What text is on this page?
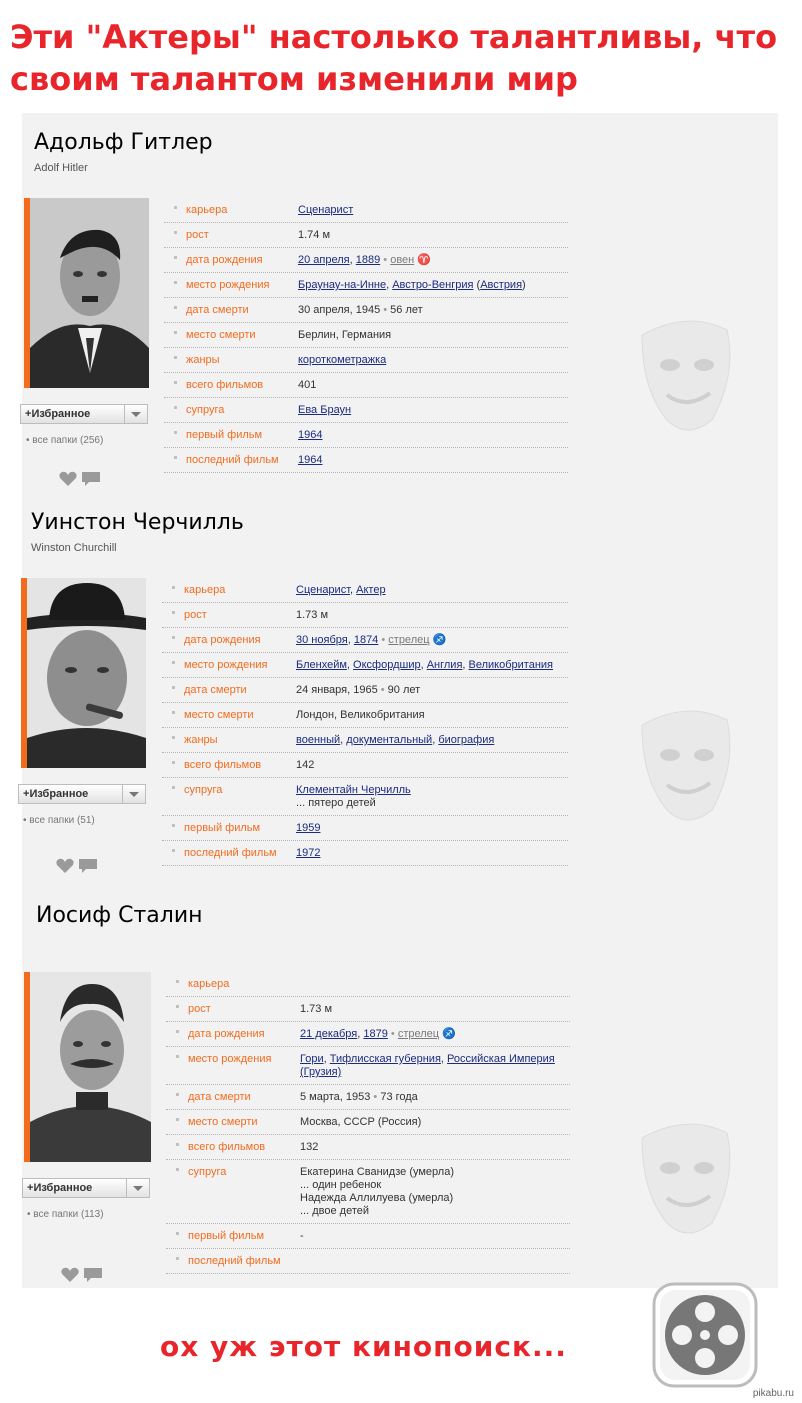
Эти "Актеры" настолько талантливы, что
своим талантом изменили мир
Адольф Гитлер
Adolf Hitler
+Избранное
• все папки (256)
карьера	Сценарист
рост	1.74 м
дата рождения	20 апреля, 1889 • овен ♈
место рождения	Браунау-на-Инне, Австро-Венгрия (Австрия)
дата смерти	30 апреля, 1945 • 56 лет
место смерти	Берлин, Германия
жанры	короткометражка
всего фильмов	401
супруга	Ева Браун
первый фильм	1964
последний фильм 1964
Уинстон Черчилль
Winston Churchill
+Избранное
• все папки (51)
карьера	Сценарист, Актер
рост	1.73 м
дата рождения	30 ноября, 1874 • стрелец ♐
место рождения	Бленхейм, Оксфордшир, Англия, Великобритания
дата смерти	24 января, 1965 • 90 лет
место смерти	Лондон, Великобритания
жанры	военный, документальный, биография
всего фильмов	142
супруга	Клементайн Черчилль
... пятеро детей
первый фильм	1959
последний фильм 1972
Иосиф Сталин
+Избранное
• все папки (113)
карьера
рост	1.73 м
дата рождения	21 декабря, 1879 • стрелец ♐
место рождения	Гори, Тифлисская губерния, Российская Империя
(Грузия)
дата смерти	5 марта, 1953 • 73 года
место смерти	Москва, СССР (Россия)
всего фильмов	132
супруга	Екатерина Сванидзе (умерла)
... один ребенок
Надежда Аллилуева (умерла)
... двое детей
первый фильм	-
последний фильм
ох уж этот кинопоиск...
pikabu.ru
